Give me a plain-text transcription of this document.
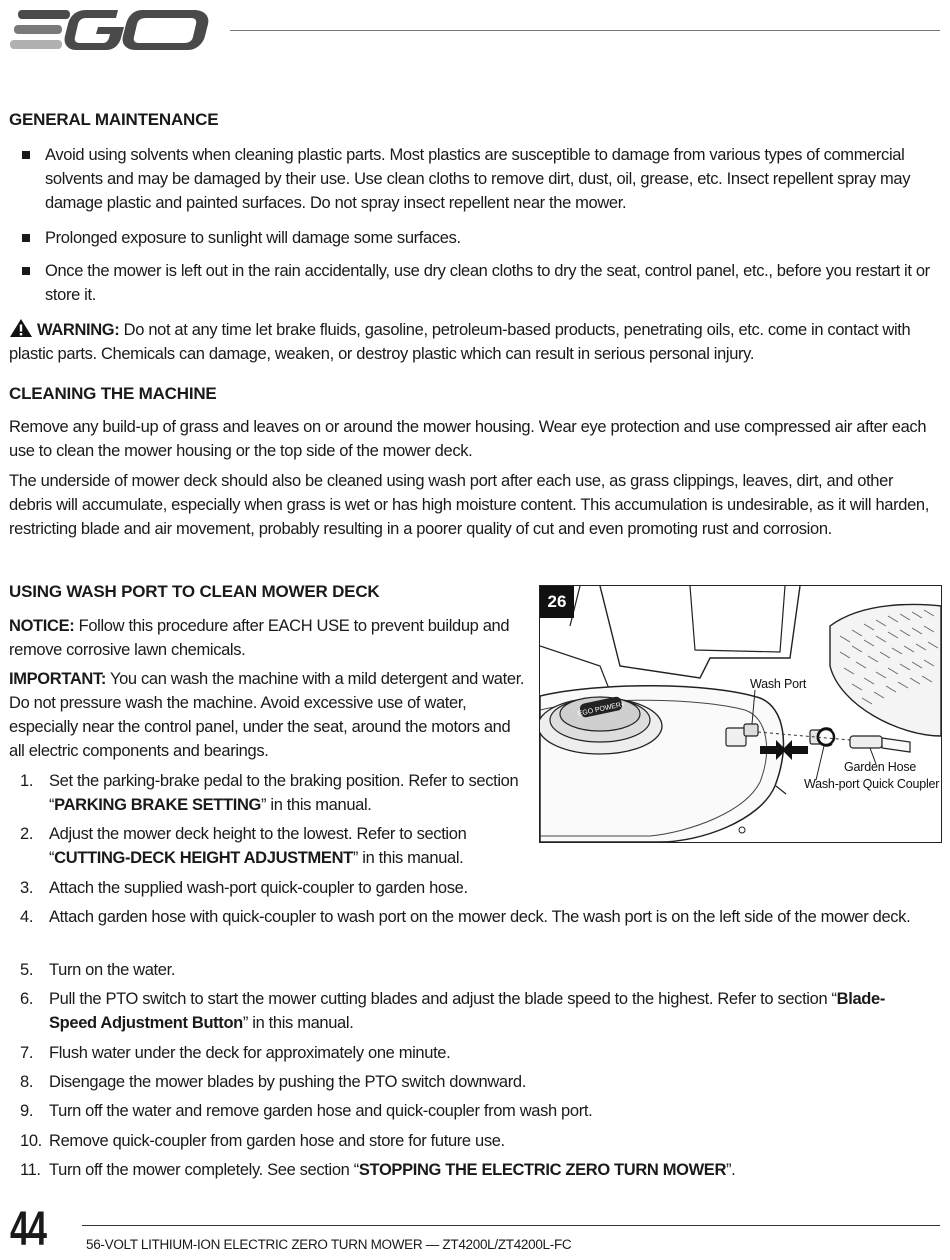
GENERAL MAINTENANCE
Avoid using solvents when cleaning plastic parts. Most plastics are susceptible to damage from various types of commercial solvents and may be damaged by their use. Use clean cloths to remove dirt, dust, oil, grease, etc. Insect repellent spray may damage plastic and painted surfaces. Do not spray insect repellent near the mower.
Prolonged exposure to sunlight will damage some surfaces.
Once the mower is left out in the rain accidentally, use dry clean cloths to dry the seat, control panel, etc., before you restart it or store it.
WARNING: Do not at any time let brake fluids, gasoline, petroleum-based products, penetrating oils, etc. come in contact with plastic parts. Chemicals can damage, weaken, or destroy plastic which can result in serious personal injury.
CLEANING THE MACHINE
Remove any build-up of grass and leaves on or around the mower housing. Wear eye protection and use compressed air after each use to clean the mower housing or the top side of the mower deck.
The underside of mower deck should also be cleaned using wash port after each use, as grass clippings, leaves, dirt, and other debris will accumulate, especially when grass is wet or has high moisture content. This accumulation is undesirable, as it will harden, restricting blade and air movement, probably resulting in a poorer quality of cut and even promoting rust and corrosion.
USING WASH PORT TO CLEAN MOWER DECK
NOTICE: Follow this procedure after EACH USE to prevent buildup and remove corrosive lawn chemicals.
IMPORTANT: You can wash the machine with a mild detergent and water. Do not pressure wash the machine. Avoid excessive use of water, especially near the control panel, under the seat, around the motors and all electric components and bearings.
1. Set the parking-brake pedal to the braking position. Refer to section “PARKING BRAKE SETTING” in this manual.
2. Adjust the mower deck height to the lowest. Refer to section “CUTTING-DECK HEIGHT ADJUSTMENT” in this manual.
3. Attach the supplied wash-port quick-coupler to garden hose.
4. Attach garden hose with quick-coupler to wash port on the mower deck. The wash port is on the left side of the mower deck.
5. Turn on the water.
6. Pull the PTO switch to start the mower cutting blades and adjust the blade speed to the highest. Refer to section “Blade-Speed Adjustment Button” in this manual.
7. Flush water under the deck for approximately one minute.
8. Disengage the mower blades by pushing the PTO switch downward.
9. Turn off the water and remove garden hose and quick-coupler from wash port.
10. Remove quick-coupler from garden hose and store for future use.
11. Turn off the mower completely. See section “STOPPING THE ELECTRIC ZERO TURN MOWER”.
EGO POWER+
26
Wash Port
Garden Hose
Wash-port Quick Coupler
44	56-VOLT LITHIUM-ION ELECTRIC ZERO TURN MOWER — ZT4200L/ZT4200L-FC
